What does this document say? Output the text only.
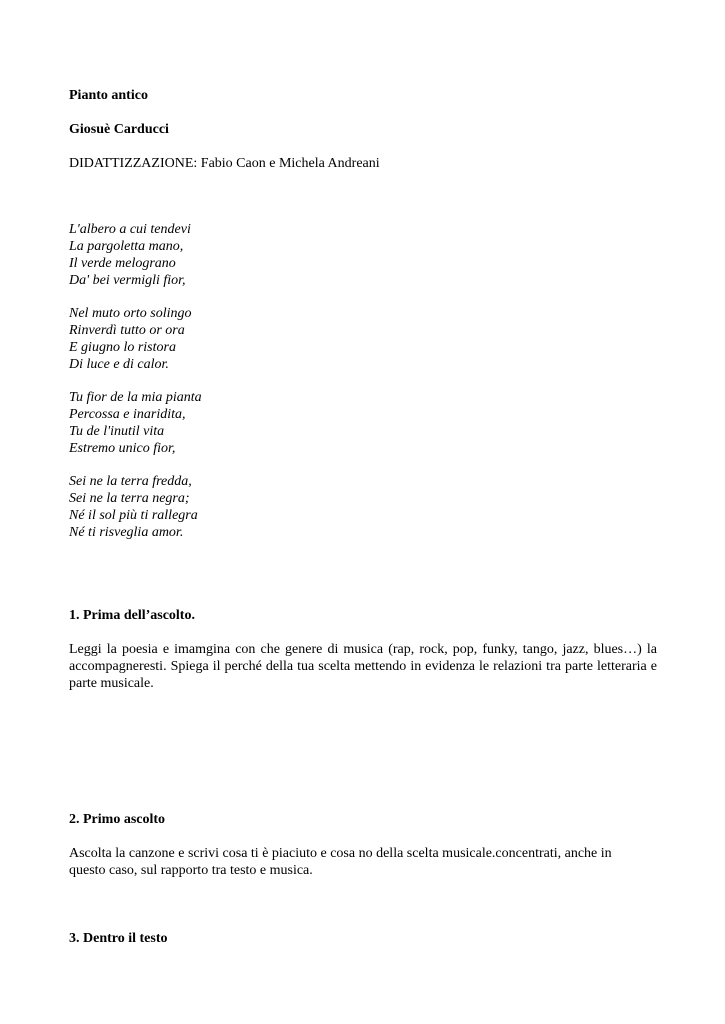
Pianto antico
Giosuè Carducci
DIDATTIZZAZIONE: Fabio Caon e Michela Andreani
L'albero a cui tendevi
La pargoletta mano,
Il verde melograno
Da' bei vermigli fior,
Nel muto orto solingo
Rinverdì tutto or ora
E giugno lo ristora
Di luce e di calor.
Tu fior de la mia pianta
Percossa e inaridita,
Tu de l'inutil vita
Estremo unico fior,
Sei ne la terra fredda,
Sei ne la terra negra;
Né il sol più ti rallegra
Né ti risveglia amor.
1. Prima dell’ascolto.
Leggi la poesia e imamgina con che genere di musica (rap, rock, pop, funky, tango, jazz, blues…) la accompagneresti. Spiega il perché della tua scelta mettendo in evidenza le relazioni tra parte letteraria e parte musicale.
2. Primo ascolto
Ascolta la canzone e scrivi cosa ti è piaciuto e cosa no della scelta musicale.concentrati, anche in questo caso, sul rapporto tra testo e musica.
3. Dentro il testo
